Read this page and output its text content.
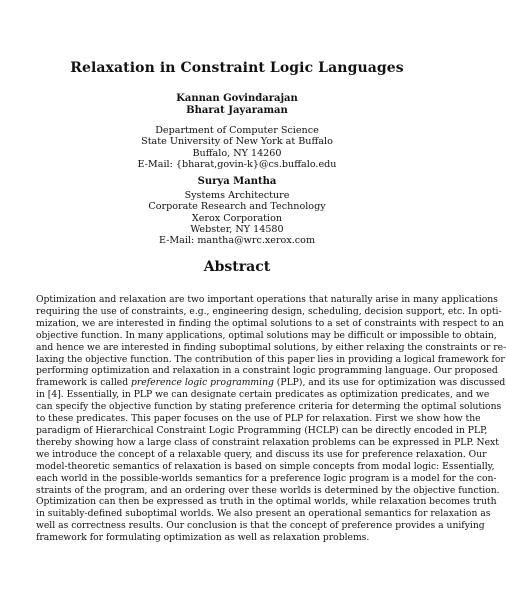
Relaxation in Constraint Logic Languages
Kannan Govindarajan
Bharat Jayaraman
Department of Computer Science
State University of New York at Buffalo
Buffalo, NY 14260
E-Mail: {bharat,govin-k}@cs.buffalo.edu
Surya Mantha
Systems Architecture
Corporate Research and Technology
Xerox Corporation
Webster, NY 14580
E-Mail: mantha@wrc.xerox.com
Abstract
Optimization and relaxation are two important operations that naturally arise in many applications
requiring the use of constraints, e.g., engineering design, scheduling, decision support, etc. In opti-
mization, we are interested in finding the optimal solutions to a set of constraints with respect to an
objective function. In many applications, optimal solutions may be difficult or impossible to obtain,
and hence we are interested in finding suboptimal solutions, by either relaxing the constraints or re-
laxing the objective function. The contribution of this paper lies in providing a logical framework for
performing optimization and relaxation in a constraint logic programming language. Our proposed
framework is called preference logic programming (PLP), and its use for optimization was discussed
in [4]. Essentially, in PLP we can designate certain predicates as optimization predicates, and we
can specify the objective function by stating preference criteria for determing the optimal solutions
to these predicates. This paper focuses on the use of PLP for relaxation. First we show how the
paradigm of Hierarchical Constraint Logic Programming (HCLP) can be directly encoded in PLP,
thereby showing how a large class of constraint relaxation problems can be expressed in PLP. Next
we introduce the concept of a relaxable query, and discuss its use for preference relaxation. Our
model-theoretic semantics of relaxation is based on simple concepts from modal logic: Essentially,
each world in the possible-worlds semantics for a preference logic program is a model for the con-
straints of the program, and an ordering over these worlds is determined by the objective function.
Optimization can then be expressed as truth in the optimal worlds, while relaxation becomes truth
in suitably-defined suboptimal worlds. We also present an operational semantics for relaxation as
well as correctness results. Our conclusion is that the concept of preference provides a unifying
framework for formulating optimization as well as relaxation problems.
